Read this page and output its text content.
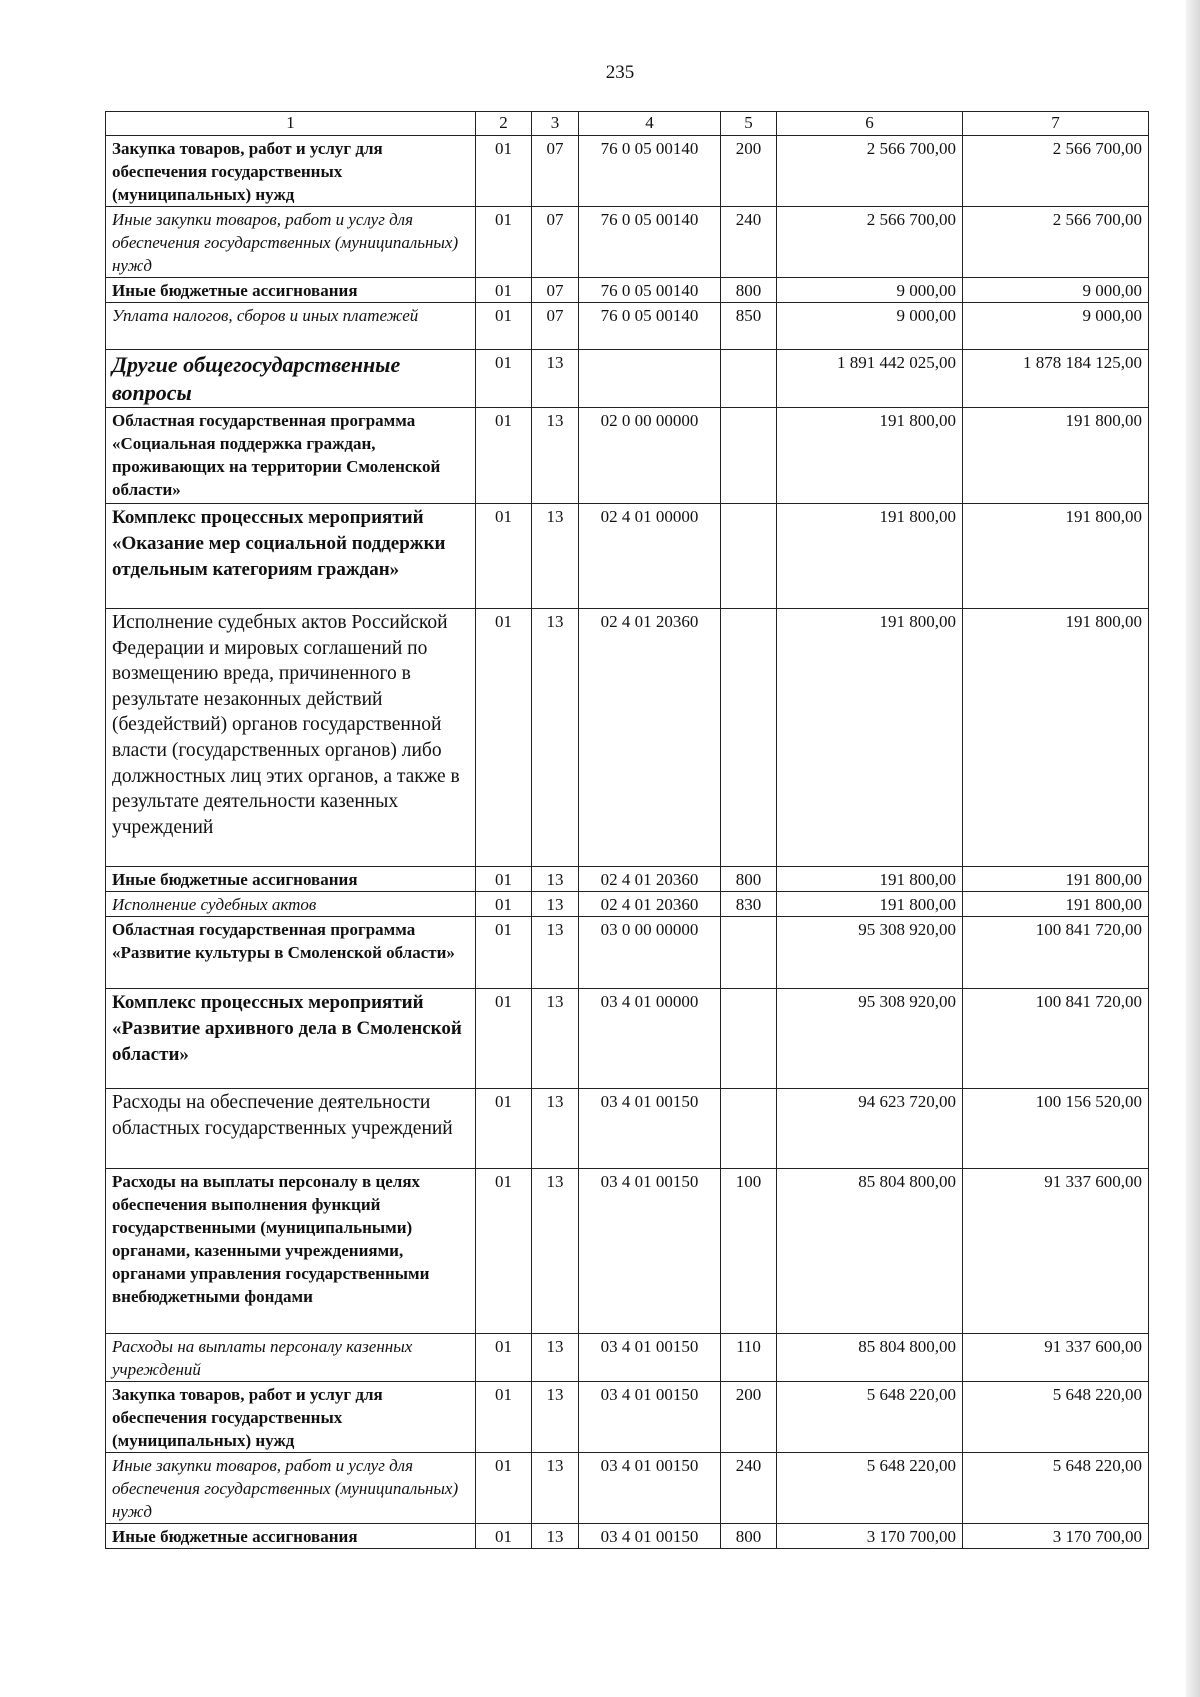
235
1	2	3	4	5	6	7
Закупка товаров, работ и услуг для обеспечения государственных (муниципальных) нужд	01	07	76 0 05 00140	200	2 566 700,00	2 566 700,00
Иные закупки товаров, работ и услуг для обеспечения государственных (муниципальных) нужд	01	07	76 0 05 00140	240	2 566 700,00	2 566 700,00
Иные бюджетные ассигнования	01	07	76 0 05 00140	800	9 000,00	9 000,00
Уплата налогов, сборов и иных платежей	01	07	76 0 05 00140	850	9 000,00	9 000,00
Другие общегосударственные вопросы	01	13			1 891 442 025,00	1 878 184 125,00
Областная государственная программа «Социальная поддержка граждан, проживающих на территории Смоленской области»	01	13	02 0 00 00000		191 800,00	191 800,00
Комплекс процессных мероприятий «Оказание мер социальной поддержки отдельным категориям граждан»	01	13	02 4 01 00000		191 800,00	191 800,00
Исполнение судебных актов Российской Федерации и мировых соглашений по возмещению вреда, причиненного в результате незаконных действий (бездействий) органов государственной власти (государственных органов) либо должностных лиц этих органов, а также в результате деятельности казенных учреждений	01	13	02 4 01 20360		191 800,00	191 800,00
Иные бюджетные ассигнования	01	13	02 4 01 20360	800	191 800,00	191 800,00
Исполнение судебных актов	01	13	02 4 01 20360	830	191 800,00	191 800,00
Областная государственная программа «Развитие культуры в Смоленской области»	01	13	03 0 00 00000		95 308 920,00	100 841 720,00
Комплекс процессных мероприятий «Развитие архивного дела в Смоленской области»	01	13	03 4 01 00000		95 308 920,00	100 841 720,00
Расходы на обеспечение деятельности областных государственных учреждений	01	13	03 4 01 00150		94 623 720,00	100 156 520,00
Расходы на выплаты персоналу в целях обеспечения выполнения функций государственными (муниципальными) органами, казенными учреждениями, органами управления государственными внебюджетными фондами	01	13	03 4 01 00150	100	85 804 800,00	91 337 600,00
Расходы на выплаты персоналу казенных учреждений	01	13	03 4 01 00150	110	85 804 800,00	91 337 600,00
Закупка товаров, работ и услуг для обеспечения государственных (муниципальных) нужд	01	13	03 4 01 00150	200	5 648 220,00	5 648 220,00
Иные закупки товаров, работ и услуг для обеспечения государственных (муниципальных) нужд	01	13	03 4 01 00150	240	5 648 220,00	5 648 220,00
Иные бюджетные ассигнования	01	13	03 4 01 00150	800	3 170 700,00	3 170 700,00
